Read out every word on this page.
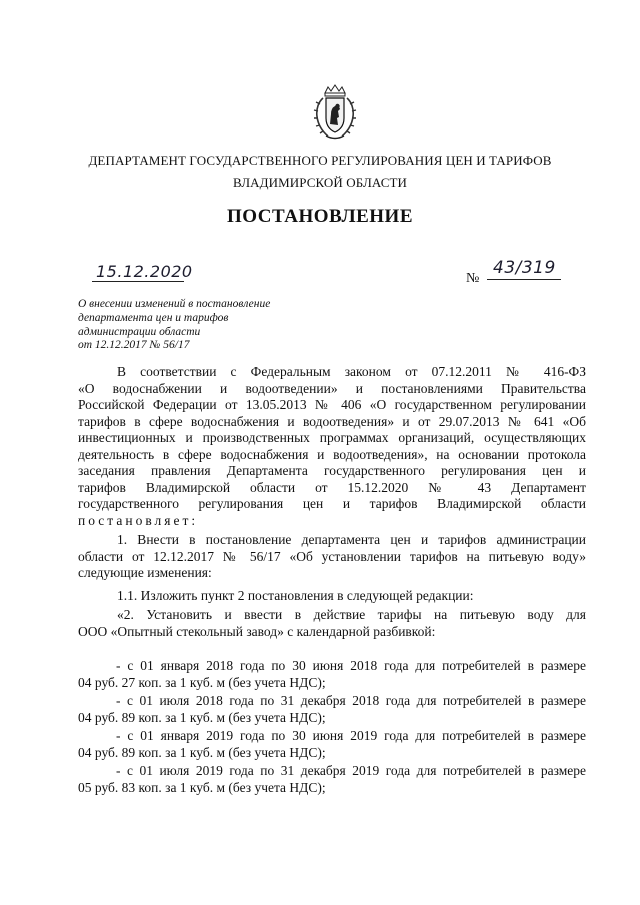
ДЕПАРТАМЕНТ ГОСУДАРСТВЕННОГО РЕГУЛИРОВАНИЯ ЦЕН И ТАРИФОВ
ВЛАДИМИРСКОЙ ОБЛАСТИ
ПОСТАНОВЛЕНИЕ
15.12.2020	№
43/319
О внесении изменений в постановление
департамента цен и тарифов
администрации области
от 12.12.2017 № 56/17
В соответствии с Федеральным законом от 07.12.2011 № 416-ФЗ
«О водоснабжении и водоотведении» и постановлениями Правительства
Российской Федерации от 13.05.2013 № 406 «О государственном регулировании
тарифов в сфере водоснабжения и водоотведения» и от 29.07.2013 № 641 «Об
инвестиционных и производственных программах организаций, осуществляющих
деятельность в сфере водоснабжения и водоотведения», на основании протокола
заседания правления Департамента государственного регулирования цен и
тарифов Владимирской области от 15.12.2020 № 43 Департамент
государственного регулирования цен и тарифов Владимирской области
постановляет:
1. Внести в постановление департамента цен и тарифов администрации
области от 12.12.2017 № 56/17 «Об установлении тарифов на питьевую воду»
следующие изменения:
1.1. Изложить пункт 2 постановления в следующей редакции:
«2. Установить и ввести в действие тарифы на питьевую воду для
ООО «Опытный стекольный завод» с календарной разбивкой:
- с 01 января 2018 года по 30 июня 2018 года для потребителей в размере
04 руб. 27 коп. за 1 куб. м (без учета НДС);
- с 01 июля 2018 года по 31 декабря 2018 года для потребителей в размере
04 руб. 89 коп. за 1 куб. м (без учета НДС);
- с 01 января 2019 года по 30 июня 2019 года для потребителей в размере
04 руб. 89 коп. за 1 куб. м (без учета НДС);
- с 01 июля 2019 года по 31 декабря 2019 года для потребителей в размере
05 руб. 83 коп. за 1 куб. м (без учета НДС);
